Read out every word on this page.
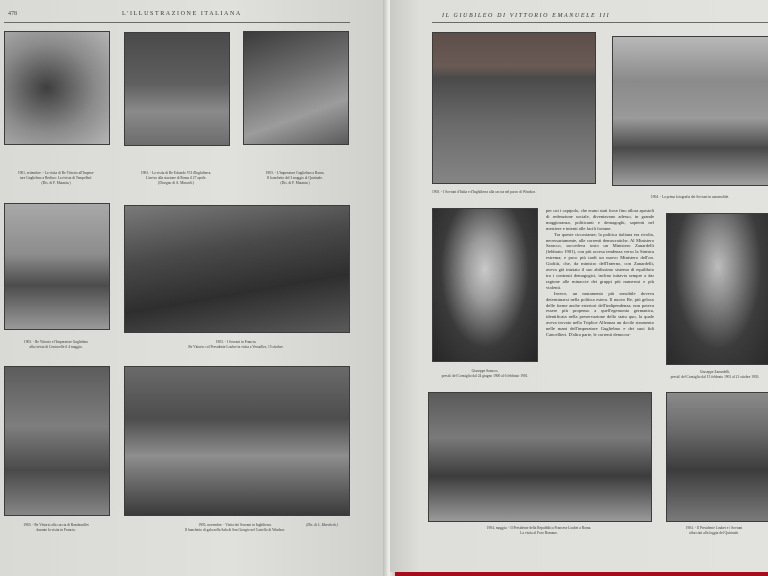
478	L'ILLUSTRAZIONE ITALIANA
1901, settembre. - La visita di Re Vittorio all'Impera-
tore Guglielmo a Berlino: La rivista di Tempelhof.
(Dis. di F. Matania.)
1903. - La visita di Re Edoardo VII d'Inghilterra.
L'arrivo alla stazione di Roma il 27 aprile.
(Disegno di A. Minardi.)
1903. - L'Imperatore Guglielmo a Roma.
Il banchetto del 3 maggio al Quirinale.
(Dis. di F. Matania.)
1903. - Re Vittorio e l'Imperatore Guglielmo
alla rivista di Centocelle il 4 maggio.
1903. - I Sovrani in Francia.
Re Vittorio col Presidente Loubet in visita a Versailles, 15 ottobre.
1903. - Re Vittorio alla caccia di Rambouillet
durante la visita in Francia.
1903, novembre. - Visita dei Sovrani in Inghilterra.
Il banchetto di gala nella Sala di San Giorgio nel Castello di Windsor.
(Dis. di L. Marchetti.)
IL GIUBILEO DI VITTORIO EMANUELE III
1903. - I Sovrani d'Italia e d'Inghilterra alla caccia nel parco di Windsor.
1904. - La prima fotografia dei Sovrani in automobile.
Giuseppe Saracco,
presid. del Consiglio dal 24 giugno 1900 al 6 febbraio 1901.

per cui i capipolo, che erano stati forse fino allora apostoli di redenzione sociale, diventavano adesso, in grande maggioranza, politicanti e demagoghi, sapienti nel mestiere e intenti alle facili fortune.

Tra queste circostanze, la politica italiana era rivolta, necessariamente, alle correnti democratiche. Al Ministero Saracco, succedeva tosto un Ministero Zanardelli (febbraio 1901), con più accesa tendenza verso la Sinistra estrema; e poco più tardi un nuovo Ministero dell'on. Giolitti, che, da ministro dell'Interno, con Zanardelli, aveva già iniziato il suo abilissimo sistema di equilibrio tra i contrasti demagogici, inclino tuttavia sempre a dar ragione alle minaccie dei gruppi più numerosi e più violenti.

Invece, un mutamento più sensibile doveva determinarsi nella politica estera. Il nuovo Re, più geloso delle forme anche esteriori dell'indipendenza, non poteva essere più propenso a quell'egemonia germanica, identificata nella preservazione dello statu quo, la quale aveva trovato nella Triplice Alleanza un docile strumento nelle mani dell'imperatore Guglielmo e dei suoi fidi Cancellieri. D'altra parte, le correnti democra-

Giuseppe Zanardelli,
presid. del Consiglio dal 15 febbraio 1901 al 21 ottobre 1903.
1904, maggio. - Il Presidente della Repubblica Francese Loubet a Roma.
La visita al Foro Romano.
1904. - Il Presidente Loubet e i Sovrani
affacciati alla loggia del Quirinale.
